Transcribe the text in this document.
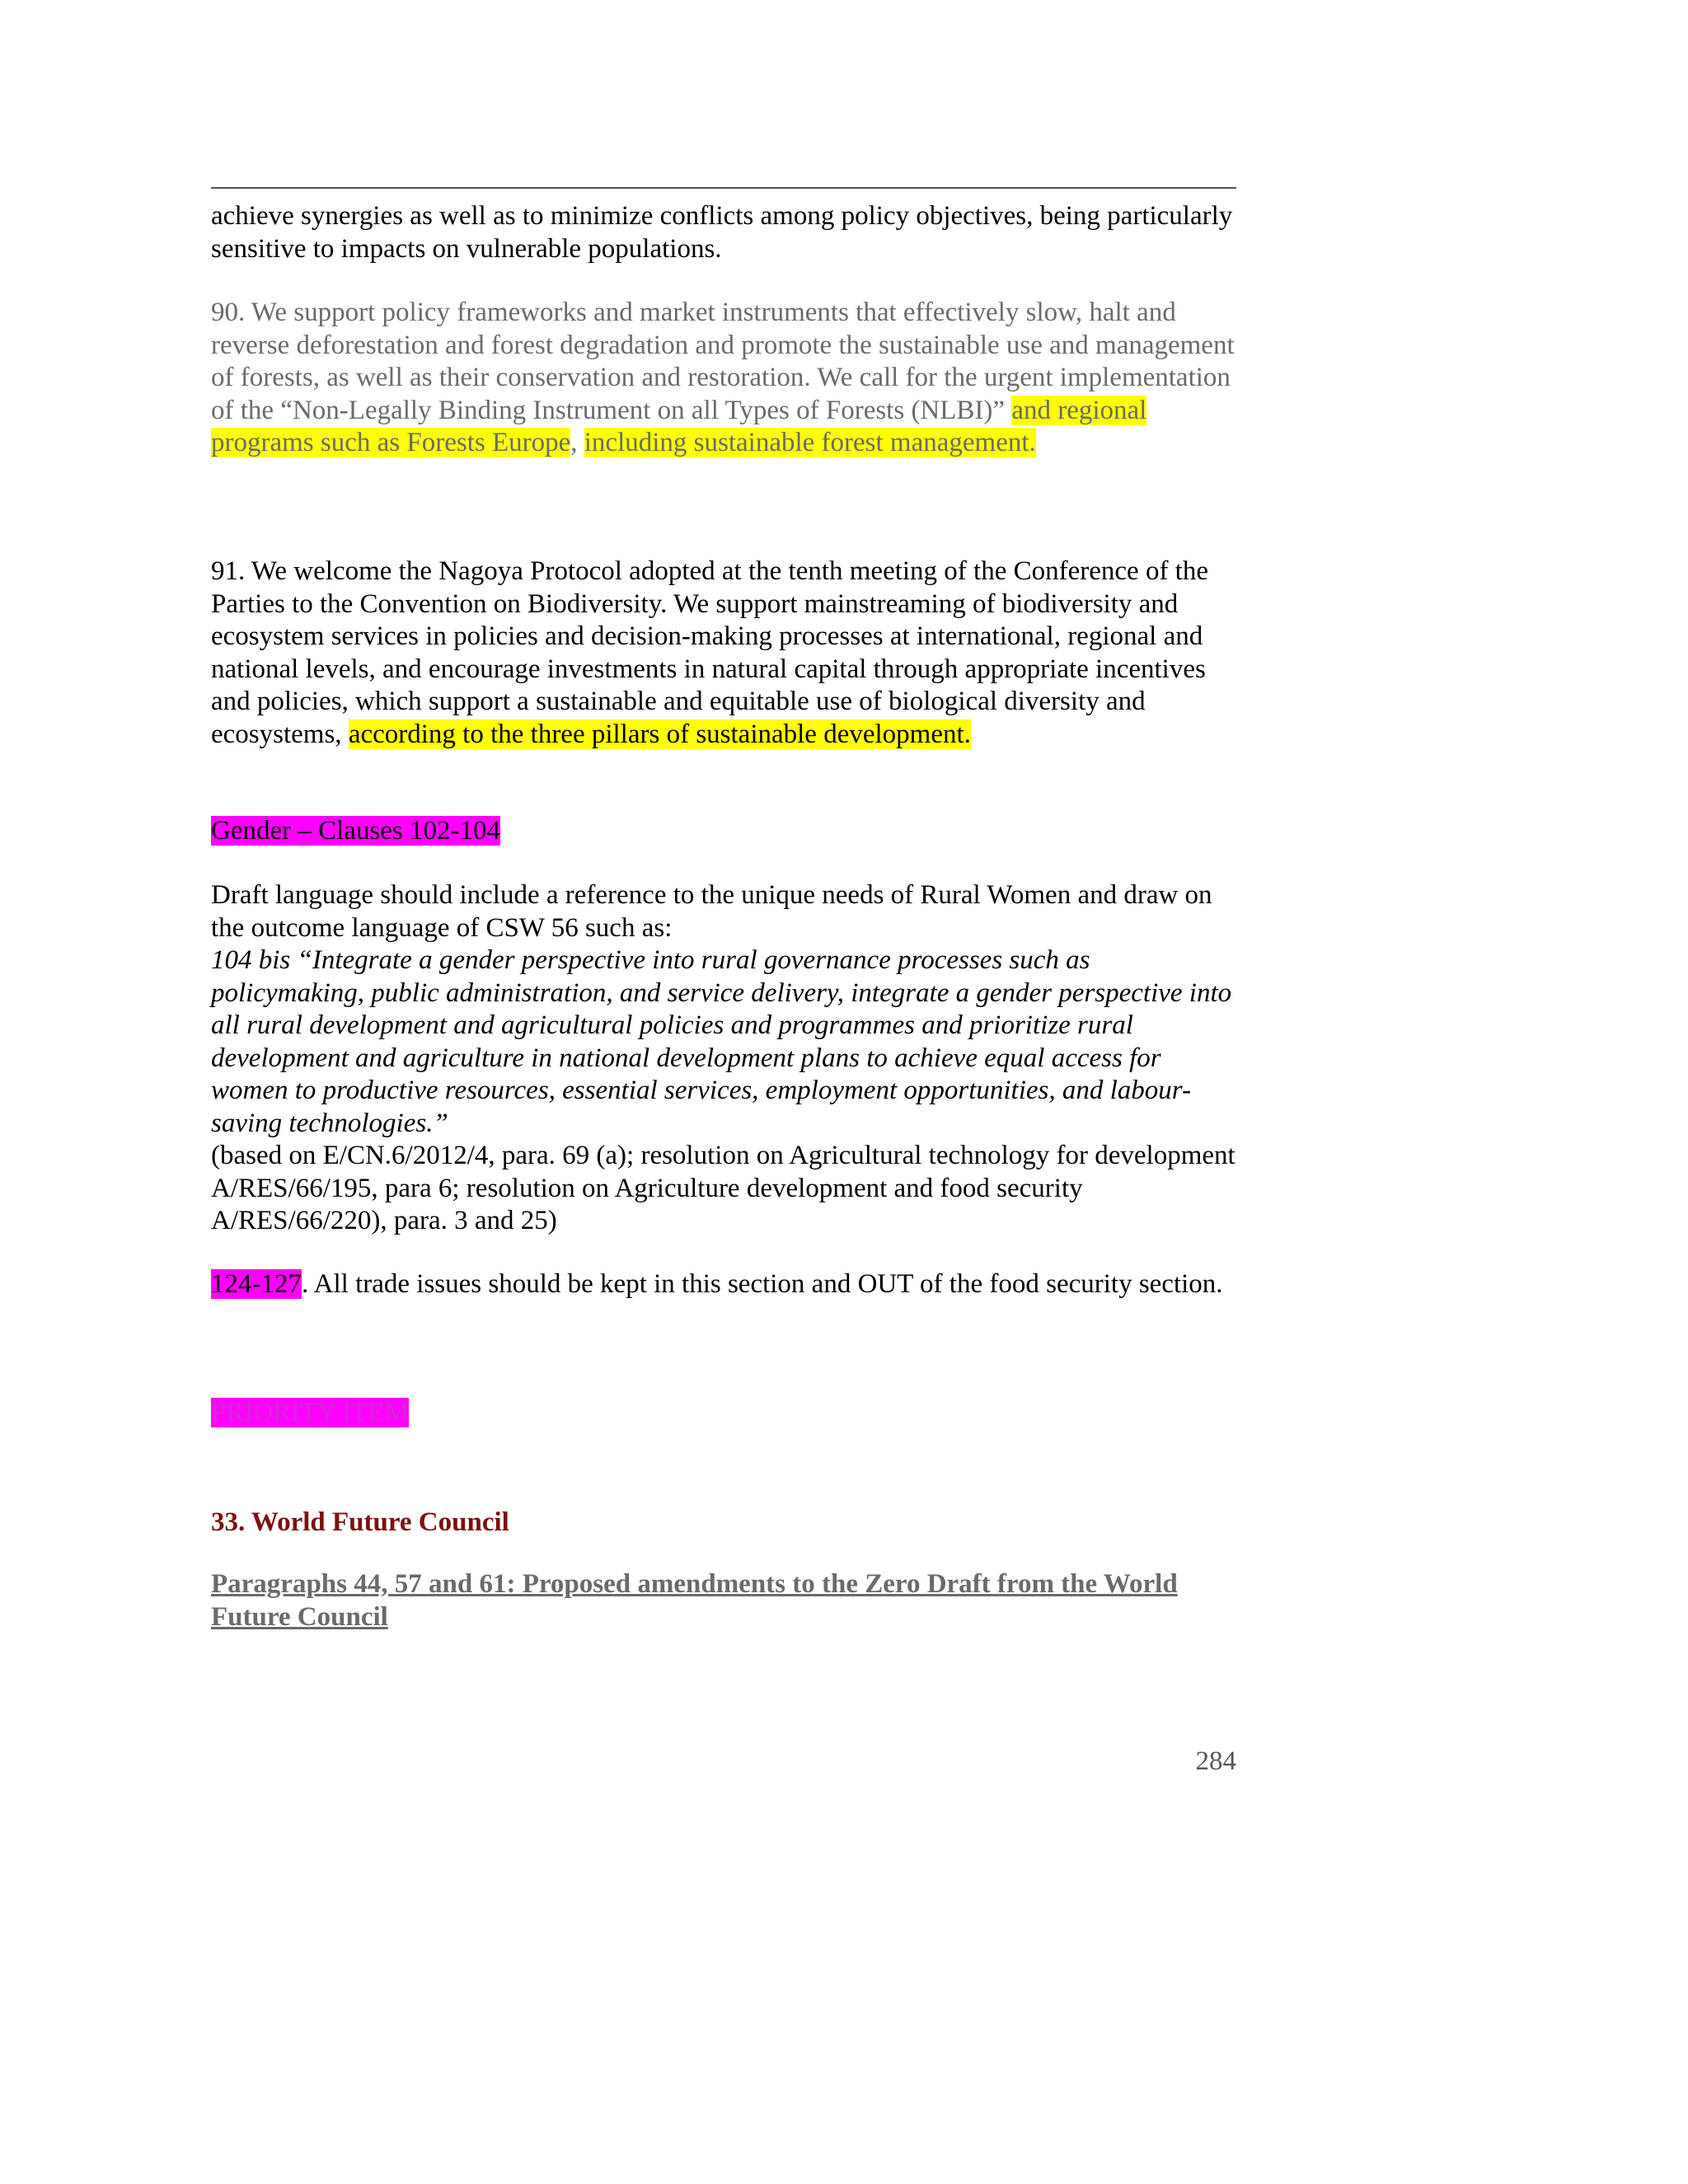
achieve synergies as well as to minimize conflicts among policy objectives, being particularly sensitive to impacts on vulnerable populations.
90. We support policy frameworks and market instruments that effectively slow, halt and reverse deforestation and forest degradation and promote the sustainable use and management of forests, as well as their conservation and restoration. We call for the urgent implementation of the “Non-Legally Binding Instrument on all Types of Forests (NLBI)” and regional programs such as Forests Europe, including sustainable forest management.
91. We welcome the Nagoya Protocol adopted at the tenth meeting of the Conference of the Parties to the Convention on Biodiversity. We support mainstreaming of biodiversity and ecosystem services in policies and decision-making processes at international, regional and national levels, and encourage investments in natural capital through appropriate incentives and policies, which support a sustainable and equitable use of biological diversity and ecosystems, according to the three pillars of sustainable development.
Gender – Clauses 102-104
Draft language should include a reference to the unique needs of Rural Women and draw on the outcome language of CSW 56 such as:
104 bis “Integrate a gender perspective into rural governance processes such as policymaking, public administration, and service delivery, integrate a gender perspective into all rural development and agricultural policies and programmes and prioritize rural development and agriculture in national development plans to achieve equal access for women to productive resources, essential services, employment opportunities, and labour-saving technologies.”
(based on E/CN.6/2012/4, para. 69 (a); resolution on Agricultural technology for development A/RES/66/195, para 6; resolution on Agriculture development and food security A/RES/66/220), para. 3 and 25)
124-127. All trade issues should be kept in this section and OUT of the food security section.
PRIORITY ITEM
33. World Future Council
Paragraphs 44, 57 and 61: Proposed amendments to the Zero Draft from the World Future Council
284
